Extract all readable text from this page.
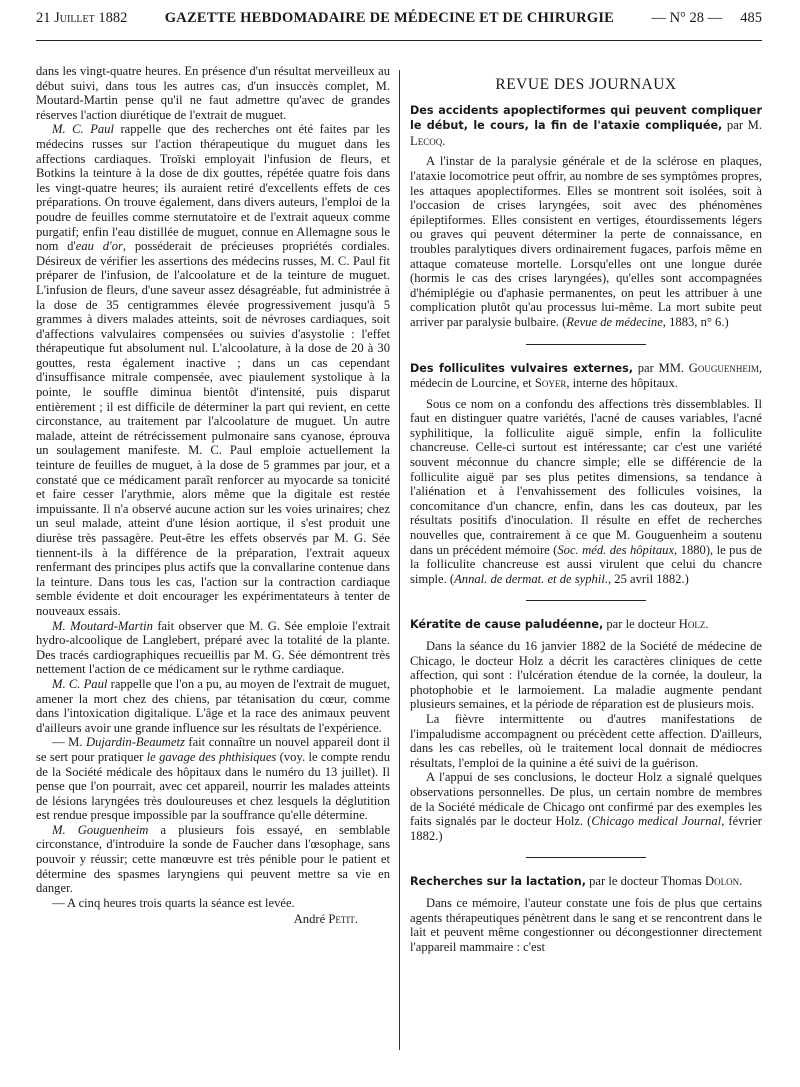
21 Juillet 1882	GAZETTE HEBDOMADAIRE DE MÉDECINE ET DE CHIRURGIE	— N° 28 — 485

dans les vingt-quatre heures. En présence d'un résultat merveilleux au début suivi, dans tous les autres cas, d'un insuccès complet, M. Moutard-Martin pense qu'il ne faut admettre qu'avec de grandes réserves l'action diurétique de l'extrait de muguet.

M. C. Paul rappelle que des recherches ont été faites par les médecins russes sur l'action thérapeutique du muguet dans les affections cardiaques. Troïski employait l'infusion de fleurs, et Botkins la teinture à la dose de dix gouttes, répétée quatre fois dans les vingt-quatre heures; ils auraient retiré d'excellents effets de ces préparations. On trouve également, dans divers auteurs, l'emploi de la poudre de feuilles comme sternutatoire et de l'extrait aqueux comme purgatif; enfin l'eau distillée de muguet, connue en Allemagne sous le nom d'eau d'or, posséderait de précieuses propriétés cordiales. Désireux de vérifier les assertions des médecins russes, M. C. Paul fit préparer de l'infusion, de l'alcoolature et de la teinture de muguet. L'infusion de fleurs, d'une saveur assez désagréable, fut administrée à la dose de 35 centigrammes élevée progressivement jusqu'à 5 grammes à divers malades atteints, soit de névroses cardiaques, soit d'affections valvulaires compensées ou suivies d'asystolie : l'effet thérapeutique fut absolument nul. L'alcoolature, à la dose de 20 à 30 gouttes, resta également inactive ; dans un cas cependant d'insuffisance mitrale compensée, avec piaulement systolique à la pointe, le souffle diminua bientôt d'intensité, puis disparut entièrement ; il est difficile de déterminer la part qui revient, en cette circonstance, au traitement par l'alcoolature de muguet. Un autre malade, atteint de rétrécissement pulmonaire sans cyanose, éprouva un soulagement manifeste. M. C. Paul emploie actuellement la teinture de feuilles de muguet, à la dose de 5 grammes par jour, et a constaté que ce médicament paraît renforcer au myocarde sa tonicité et faire cesser l'arythmie, alors même que la digitale est restée impuissante. Il n'a observé aucune action sur les voies urinaires; chez un seul malade, atteint d'une lésion aortique, il s'est produit une diurèse très passagère. Peut-être les effets observés par M. G. Sée tiennent-ils à la différence de la préparation, l'extrait aqueux renfermant des principes plus actifs que la convallarine contenue dans la teinture. Dans tous les cas, l'action sur la contraction cardiaque semble évidente et doit encourager les expérimentateurs à tenter de nouveaux essais.

M. Moutard-Martin fait observer que M. G. Sée emploie l'extrait hydro-alcoolique de Langlebert, préparé avec la totalité de la plante. Des tracés cardiographiques recueillis par M. G. Sée démontrent très nettement l'action de ce médicament sur le rythme cardiaque.

M. C. Paul rappelle que l'on a pu, au moyen de l'extrait de muguet, amener la mort chez des chiens, par tétanisation du cœur, comme dans l'intoxication digitalique. L'âge et la race des animaux peuvent d'ailleurs avoir une grande influence sur les résultats de l'expérience.

— M. Dujardin-Beaumetz fait connaître un nouvel appareil dont il se sert pour pratiquer le gavage des phthisiques (voy. le compte rendu de la Société médicale des hôpitaux dans le numéro du 13 juillet). Il pense que l'on pourrait, avec cet appareil, nourrir les malades atteints de lésions laryngées très douloureuses et chez lesquels la déglutition est rendue presque impossible par la souffrance qu'elle détermine.

M. Gouguenheim a plusieurs fois essayé, en semblable circonstance, d'introduire la sonde de Faucher dans l'œsophage, sans pouvoir y réussir; cette manœuvre est très pénible pour le patient et détermine des spasmes laryngiens qui peuvent mettre sa vie en danger.

— A cinq heures trois quarts la séance est levée.

André Petit.

REVUE DES JOURNAUX

Des accidents apoplectiformes qui peuvent compliquer le début, le cours, la fin de l'ataxie compliquée, par M. Lecoq.

A l'instar de la paralysie générale et de la sclérose en plaques, l'ataxie locomotrice peut offrir, au nombre de ses symptômes propres, les attaques apoplectiformes. Elles se montrent soit isolées, soit à l'occasion de crises laryngées, soit avec des phénomènes épileptiformes. Elles consistent en vertiges, étourdissements légers ou graves qui peuvent déterminer la perte de connaissance, en troubles paralytiques divers ordinairement fugaces, parfois même en attaque comateuse mortelle. Lorsqu'elles ont une longue durée (hormis le cas des crises laryngées), qu'elles sont accompagnées d'hémiplégie ou d'aphasie permanentes, on peut les attribuer à une complication plutôt qu'au processus lui-même. La mort subite peut arriver par paralysie bulbaire. (Revue de médecine, 1883, n° 6.)

Des folliculites vulvaires externes, par MM. Gouguenheim, médecin de Lourcine, et Soyer, interne des hôpitaux.

Sous ce nom on a confondu des affections très dissemblables. Il faut en distinguer quatre variétés, l'acné de causes variables, l'acné syphilitique, la folliculite aiguë simple, enfin la folliculite chancreuse. Celle-ci surtout est intéressante; car c'est une variété souvent méconnue du chancre simple; elle se différencie de la folliculite aiguë par ses plus petites dimensions, sa tendance à l'aliénation et à l'envahissement des follicules voisines, la concomitance d'un chancre, enfin, dans les cas douteux, par les résultats positifs d'inoculation. Il résulte en effet de recherches nouvelles que, contrairement à ce que M. Gouguenheim a soutenu dans un précédent mémoire (Soc. méd. des hôpitaux, 1880), le pus de la folliculite chancreuse est aussi virulent que celui du chancre simple. (Annal. de dermat. et de syphil., 25 avril 1882.)

Kératite de cause paludéenne, par le docteur Holz.

Dans la séance du 16 janvier 1882 de la Société de médecine de Chicago, le docteur Holz a décrit les caractères cliniques de cette affection, qui sont : l'ulcération étendue de la cornée, la douleur, la photophobie et le larmoiement. La maladie augmente pendant plusieurs semaines, et la période de réparation est de plusieurs mois.

La fièvre intermittente ou d'autres manifestations de l'impaludisme accompagnent ou précèdent cette affection. D'ailleurs, dans les cas rebelles, où le traitement local donnait de médiocres résultats, l'emploi de la quinine a été suivi de la guérison.

A l'appui de ses conclusions, le docteur Holz a signalé quelques observations personnelles. De plus, un certain nombre de membres de la Société médicale de Chicago ont confirmé par des exemples les faits signalés par le docteur Holz. (Chicago medical Journal, février 1882.)

Recherches sur la lactation, par le docteur Thomas Dolon.

Dans ce mémoire, l'auteur constate une fois de plus que certains agents thérapeutiques pénètrent dans le sang et se rencontrent dans le lait et peuvent même congestionner ou décongestionner directement l'appareil mammaire : c'est
